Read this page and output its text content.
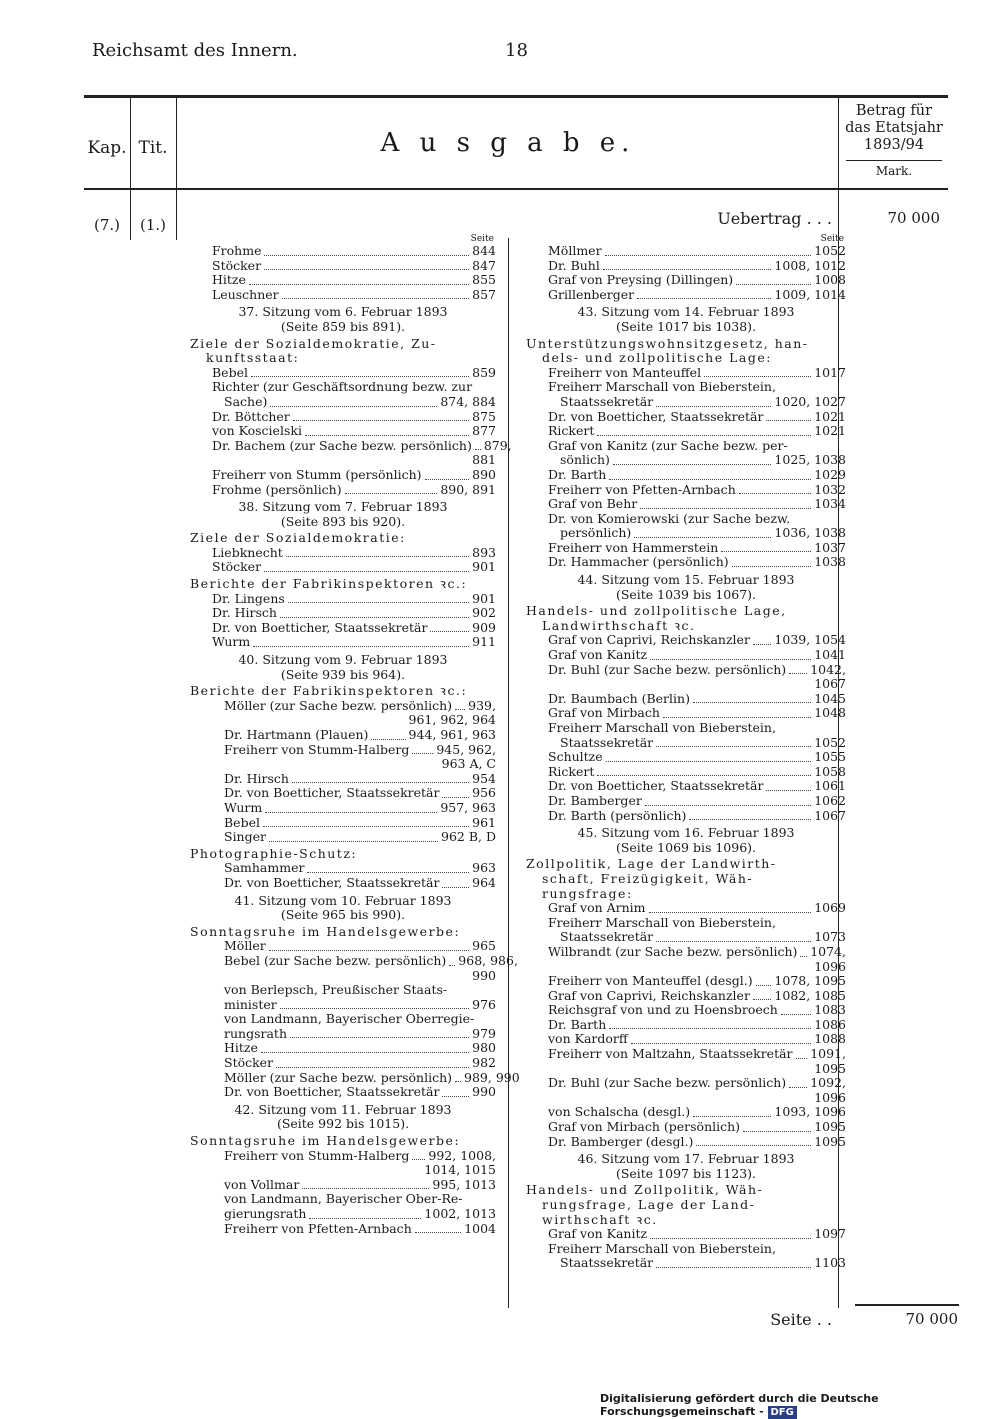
Reichsamt des Innern.	18
Kap. Tit.	A u s g a b e.
Betrag für
das Etatsjahr
1893/94
Mark.
(7.)	(1.)	Uebertrag . . .	70 000
Seite . .	70 000
Seite
Frohme	844
Stöcker	847
Hitze	855
Leuschner	857
37. Sitzung vom 6. Februar 1893
(Seite 859 bis 891).
Ziele der Sozialdemokratie, Zu-
kunftsstaat:
Bebel	859
Richter (zur Geschäftsordnung bezw. zur
Sache)	874, 884
Dr. Böttcher	875
von Koscielski	877
Dr. Bachem (zur Sache bezw. persönlich) 879,
881
Freiherr von Stumm (persönlich)	890
Frohme (persönlich)	890, 891
38. Sitzung vom 7. Februar 1893
(Seite 893 bis 920).
Ziele der Sozialdemokratie:
Liebknecht	893
Stöcker	901
Berichte der Fabrikinspektoren ꝛc.:
Dr. Lingens	901
Dr. Hirsch	902
Dr. von Boetticher, Staatssekretär	909
Wurm	911
40. Sitzung vom 9. Februar 1893
(Seite 939 bis 964).
Berichte der Fabrikinspektoren ꝛc.:
Möller (zur Sache bezw. persönlich) 939,
961, 962, 964
Dr. Hartmann (Plauen)	944, 961, 963
Freiherr von Stumm-Halberg 945, 962,
963 A, C
Dr. Hirsch	954
Dr. von Boetticher, Staatssekretär	956
Wurm	957, 963
Bebel	961
Singer	962 B, D
Photographie-Schutz:
Samhammer	963
Dr. von Boetticher, Staatssekretär	964
41. Sitzung vom 10. Februar 1893
(Seite 965 bis 990).
Sonntagsruhe im Handelsgewerbe:
Möller	965
Bebel (zur Sache bezw. persönlich) 968, 986,
990
von Berlepsch, Preußischer Staats-
minister	976
von Landmann, Bayerischer Oberregie-
rungsrath	979
Hitze	980
Stöcker	982
Möller (zur Sache bezw. persönlich) 989, 990
Dr. von Boetticher, Staatssekretär	990
42. Sitzung vom 11. Februar 1893
(Seite 992 bis 1015).
Sonntagsruhe im Handelsgewerbe:
Freiherr von Stumm-Halberg 992, 1008,
1014, 1015
von Vollmar	995, 1013
von Landmann, Bayerischer Ober-Re-
gierungsrath	1002, 1013
Freiherr von Pfetten-Arnbach	1004
Seite
Möllmer	1052
Dr. Buhl	1008, 1012
Graf von Preysing (Dillingen)	1008
Grillenberger	1009, 1014
43. Sitzung vom 14. Februar 1893
(Seite 1017 bis 1038).
Unterstützungswohnsitzgesetz, han-
dels- und zollpolitische Lage:
Freiherr von Manteuffel	1017
Freiherr Marschall von Bieberstein,
Staatssekretär	1020, 1027
Dr. von Boetticher, Staatssekretär	1021
Rickert	1021
Graf von Kanitz (zur Sache bezw. per-
sönlich)	1025, 1038
Dr. Barth	1029
Freiherr von Pfetten-Arnbach	1032
Graf von Behr	1034
Dr. von Komierowski (zur Sache bezw.
persönlich)	1036, 1038
Freiherr von Hammerstein	1037
Dr. Hammacher (persönlich)	1038
44. Sitzung vom 15. Februar 1893
(Seite 1039 bis 1067).
Handels- und zollpolitische Lage,
Landwirthschaft ꝛc.
Graf von Caprivi, Reichskanzler 1039, 1054
Graf von Kanitz	1041
Dr. Buhl (zur Sache bezw. persönlich) 1042,
1067
Dr. Baumbach (Berlin)	1045
Graf von Mirbach	1048
Freiherr Marschall von Bieberstein,
Staatssekretär	1052
Schultze	1055
Rickert	1058
Dr. von Boetticher, Staatssekretär	1061
Dr. Bamberger	1062
Dr. Barth (persönlich)	1067
45. Sitzung vom 16. Februar 1893
(Seite 1069 bis 1096).
Zollpolitik, Lage der Landwirth-
schaft, Freizügigkeit, Wäh-
rungsfrage:
Graf von Arnim	1069
Freiherr Marschall von Bieberstein,
Staatssekretär	1073
Wilbrandt (zur Sache bezw. persönlich) 1074,
1096
Freiherr von Manteuffel (desgl.) 1078, 1095
Graf von Caprivi, Reichskanzler 1082, 1085
Reichsgraf von und zu Hoensbroech	1083
Dr. Barth	1086
von Kardorff	1088
Freiherr von Maltzahn, Staatssekretär 1091,
1095
Dr. Buhl (zur Sache bezw. persönlich) 1092,
1096
von Schalscha (desgl.)	1093, 1096
Graf von Mirbach (persönlich)	1095
Dr. Bamberger (desgl.)	1095
46. Sitzung vom 17. Februar 1893
(Seite 1097 bis 1123).
Handels- und Zollpolitik, Wäh-
rungsfrage, Lage der Land-
wirthschaft ꝛc.
Graf von Kanitz	1097
Freiherr Marschall von Bieberstein,
Staatssekretär	1103
Digitalisierung gefördert durch die Deutsche Forschungsgemeinschaft - DFG
